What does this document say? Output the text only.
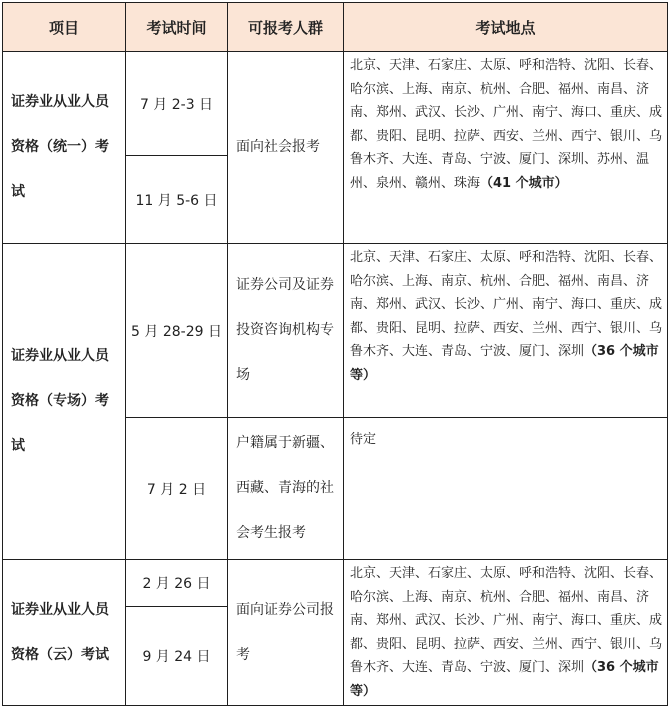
项目	考试时间	可报考人群	考试地点
证券业从业人员资格（统一）考试	7 月 2-3 日	面向社会报考	北京、天津、石家庄、太原、呼和浩特、沈阳、长春、哈尔滨、上海、南京、杭州、合肥、福州、南昌、济南、郑州、武汉、长沙、广州、南宁、海口、重庆、成都、贵阳、昆明、拉萨、西安、兰州、西宁、银川、乌鲁木齐、大连、青岛、宁波、厦门、深圳、苏州、温州、泉州、赣州、珠海（41 个城市）
	11 月 5-6 日		
证券业从业人员资格（专场）考试	5 月 28-29 日	证券公司及证券投资咨询机构专场	北京、天津、石家庄、太原、呼和浩特、沈阳、长春、哈尔滨、上海、南京、杭州、合肥、福州、南昌、济南、郑州、武汉、长沙、广州、南宁、海口、重庆、成都、贵阳、昆明、拉萨、西安、兰州、西宁、银川、乌鲁木齐、大连、青岛、宁波、厦门、深圳（36 个城市等）
	7 月 2 日	户籍属于新疆、西藏、青海的社会考生报考	待定
证券业从业人员资格（云）考试	2 月 26 日	面向证券公司报考	北京、天津、石家庄、太原、呼和浩特、沈阳、长春、哈尔滨、上海、南京、杭州、合肥、福州、南昌、济南、郑州、武汉、长沙、广州、南宁、海口、重庆、成都、贵阳、昆明、拉萨、西安、兰州、西宁、银川、乌鲁木齐、大连、青岛、宁波、厦门、深圳（36 个城市等）
	9 月 24 日		
